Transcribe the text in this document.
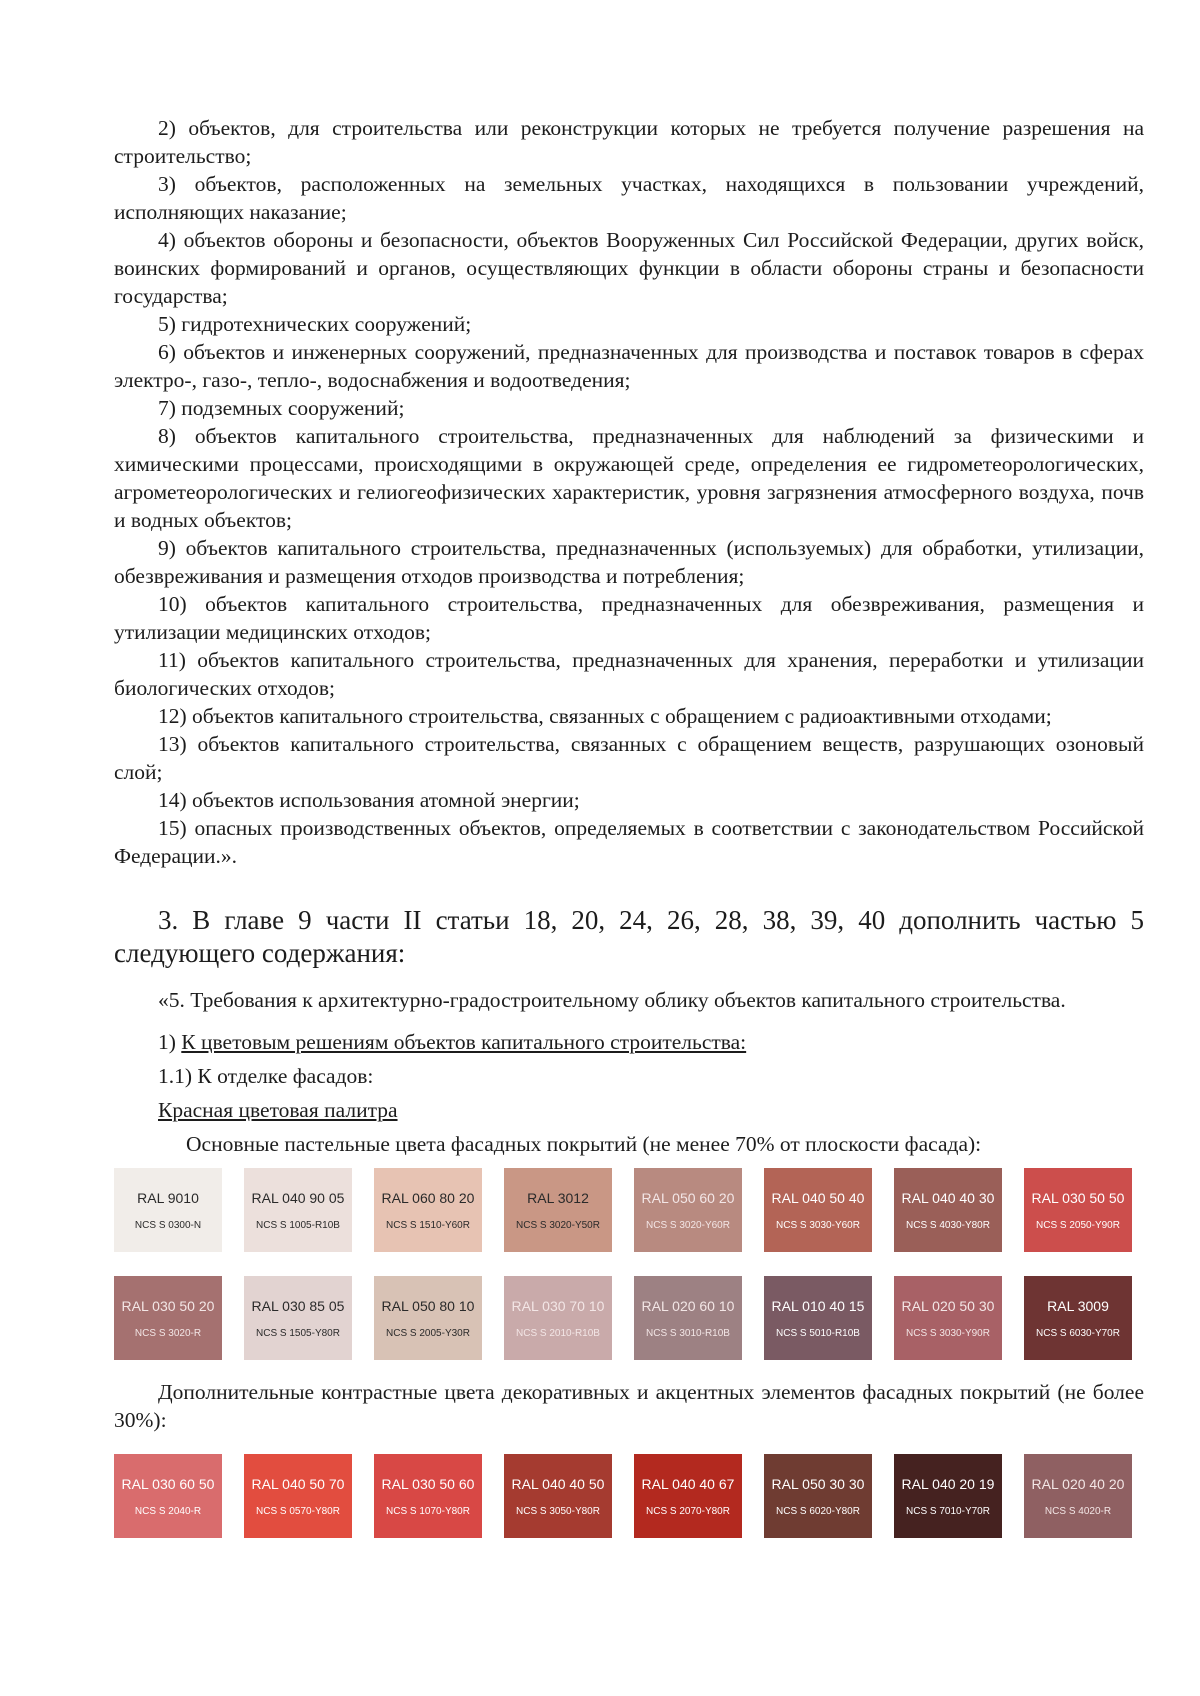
2) объектов, для строительства или реконструкции которых не требуется получение разрешения на строительство;

3) объектов, расположенных на земельных участках, находящихся в пользовании учреждений, исполняющих наказание;

4) объектов обороны и безопасности, объектов Вооруженных Сил Российской Федерации, других войск, воинских формирований и органов, осуществляющих функции в области обороны страны и безопасности государства;

5) гидротехнических сооружений;

6) объектов и инженерных сооружений, предназначенных для производства и поставок товаров в сферах электро-, газо-, тепло-, водоснабжения и водоотведения;

7) подземных сооружений;

8) объектов капитального строительства, предназначенных для наблюдений за физическими и химическими процессами, происходящими в окружающей среде, определения ее гидрометеорологических, агрометеорологических и гелиогеофизических характеристик, уровня загрязнения атмосферного воздуха, почв и водных объектов;

9) объектов капитального строительства, предназначенных (используемых) для обработки, утилизации, обезвреживания и размещения отходов производства и потребления;

10) объектов капитального строительства, предназначенных для обезвреживания, размещения и утилизации медицинских отходов;

11) объектов капитального строительства, предназначенных для хранения, переработки и утилизации биологических отходов;

12) объектов капитального строительства, связанных с обращением с радиоактивными отходами;

13) объектов капитального строительства, связанных с обращением веществ, разрушающих озоновый слой;

14) объектов использования атомной энергии;

15) опасных производственных объектов, определяемых в соответствии с законодательством Российской Федерации.».

3. В главе 9 части II статьи 18, 20, 24, 26, 28, 38, 39, 40 дополнить частью 5 следующего содержания:

«5. Требования к архитектурно-градостроительному облику объектов капитального строительства.

1) К цветовым решениям объектов капитального строительства:

1.1) К отделке фасадов:

Красная цветовая палитра

Основные пастельные цвета фасадных покрытий (не менее 70% от плоскости фасада):

RAL 9010
NCS S 0300-N
RAL 040 90 05
NCS S 1005-R10B
RAL 060 80 20
NCS S 1510-Y60R
RAL 3012
NCS S 3020-Y50R
RAL 050 60 20
NCS S 3020-Y60R
RAL 040 50 40
NCS S 3030-Y60R
RAL 040 40 30
NCS S 4030-Y80R
RAL 030 50 50
NCS S 2050-Y90R
RAL 030 50 20
NCS S 3020-R
RAL 030 85 05
NCS S 1505-Y80R
RAL 050 80 10
NCS S 2005-Y30R
RAL 030 70 10
NCS S 2010-R10B
RAL 020 60 10
NCS S 3010-R10B
RAL 010 40 15
NCS S 5010-R10B
RAL 020 50 30
NCS S 3030-Y90R
RAL 3009
NCS S 6030-Y70R

Дополнительные контрастные цвета декоративных и акцентных элементов фасадных покрытий (не более 30%):

RAL 030 60 50
NCS S 2040-R
RAL 040 50 70
NCS S 0570-Y80R
RAL 030 50 60
NCS S 1070-Y80R
RAL 040 40 50
NCS S 3050-Y80R
RAL 040 40 67
NCS S 2070-Y80R
RAL 050 30 30
NCS S 6020-Y80R
RAL 040 20 19
NCS S 7010-Y70R
RAL 020 40 20
NCS S 4020-R
